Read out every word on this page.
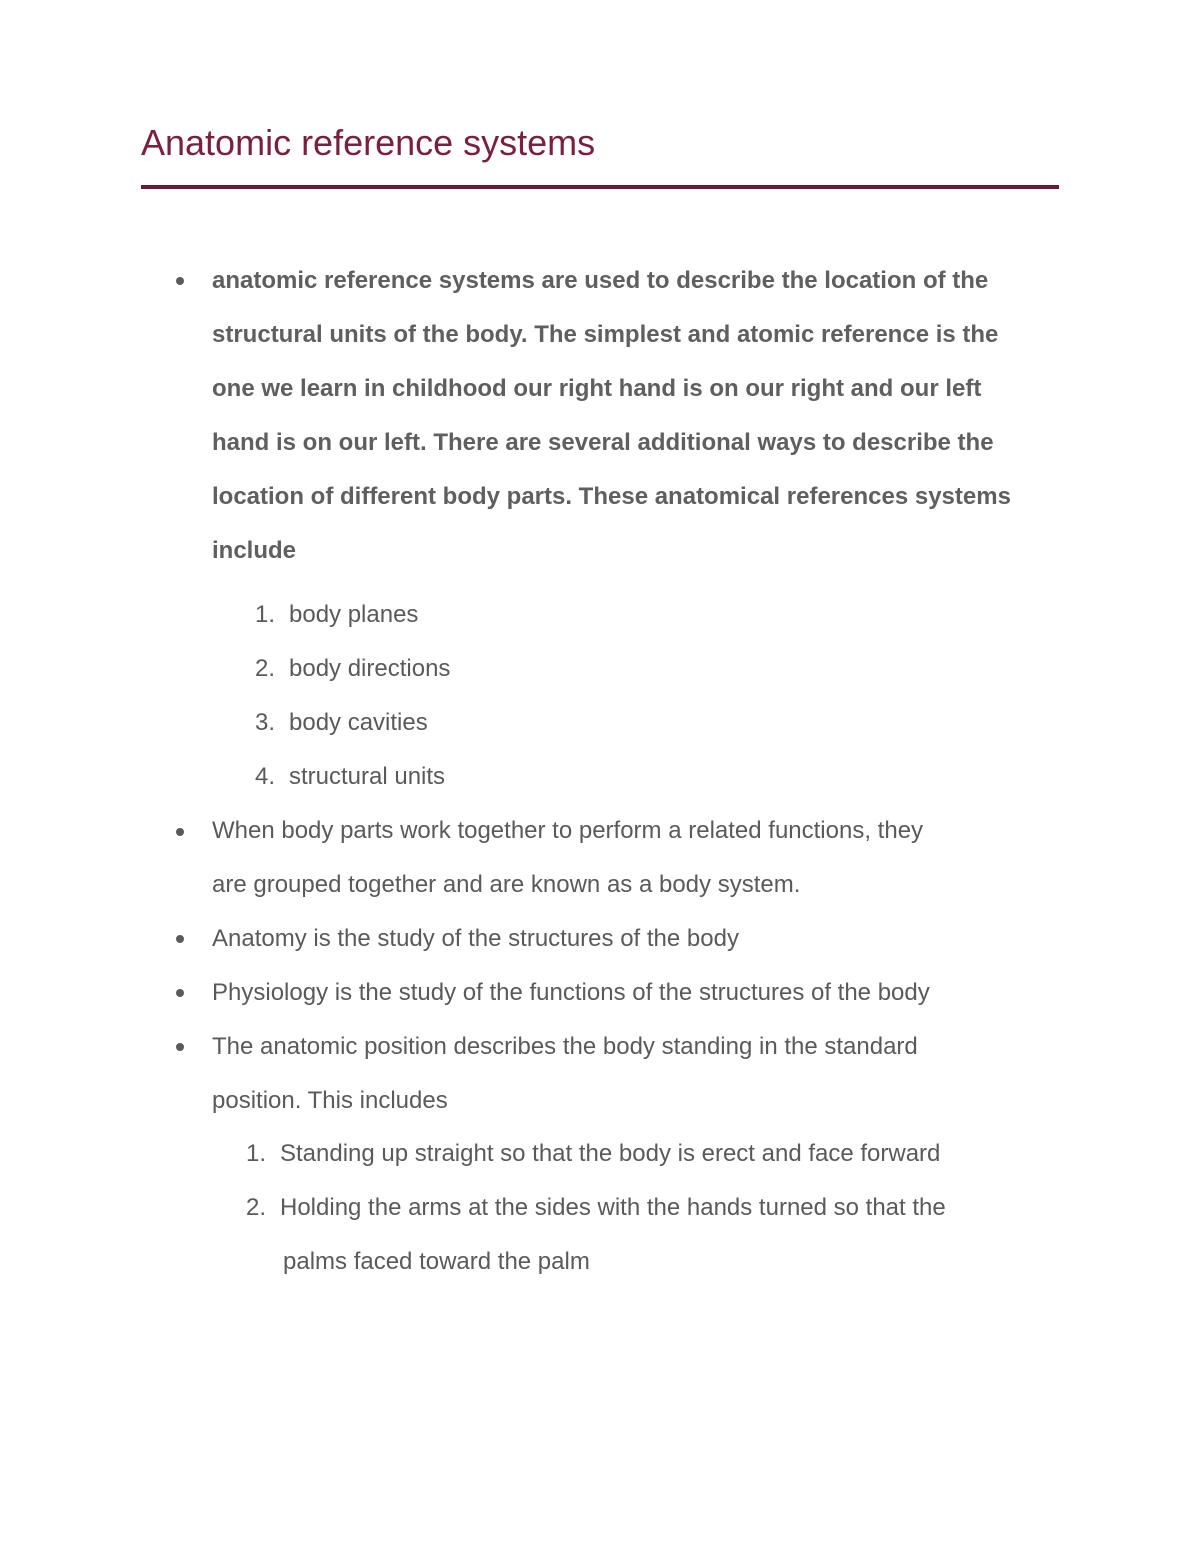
Anatomic reference systems
anatomic reference systems are used to describe the location of the
structural units of the body. The simplest and atomic reference is the
one we learn in childhood our right hand is on our right and our left
hand is on our left. There are several additional ways to describe the
location of different body parts. These anatomical references systems
include
1. body planes
2. body directions
3. body cavities
4. structural units
When body parts work together to perform a related functions, they
are grouped together and are known as a body system.
Anatomy is the study of the structures of the body
Physiology is the study of the functions of the structures of the body
The anatomic position describes the body standing in the standard
position. This includes
1. Standing up straight so that the body is erect and face forward
2. Holding the arms at the sides with the hands turned so that the
palms faced toward the palm
